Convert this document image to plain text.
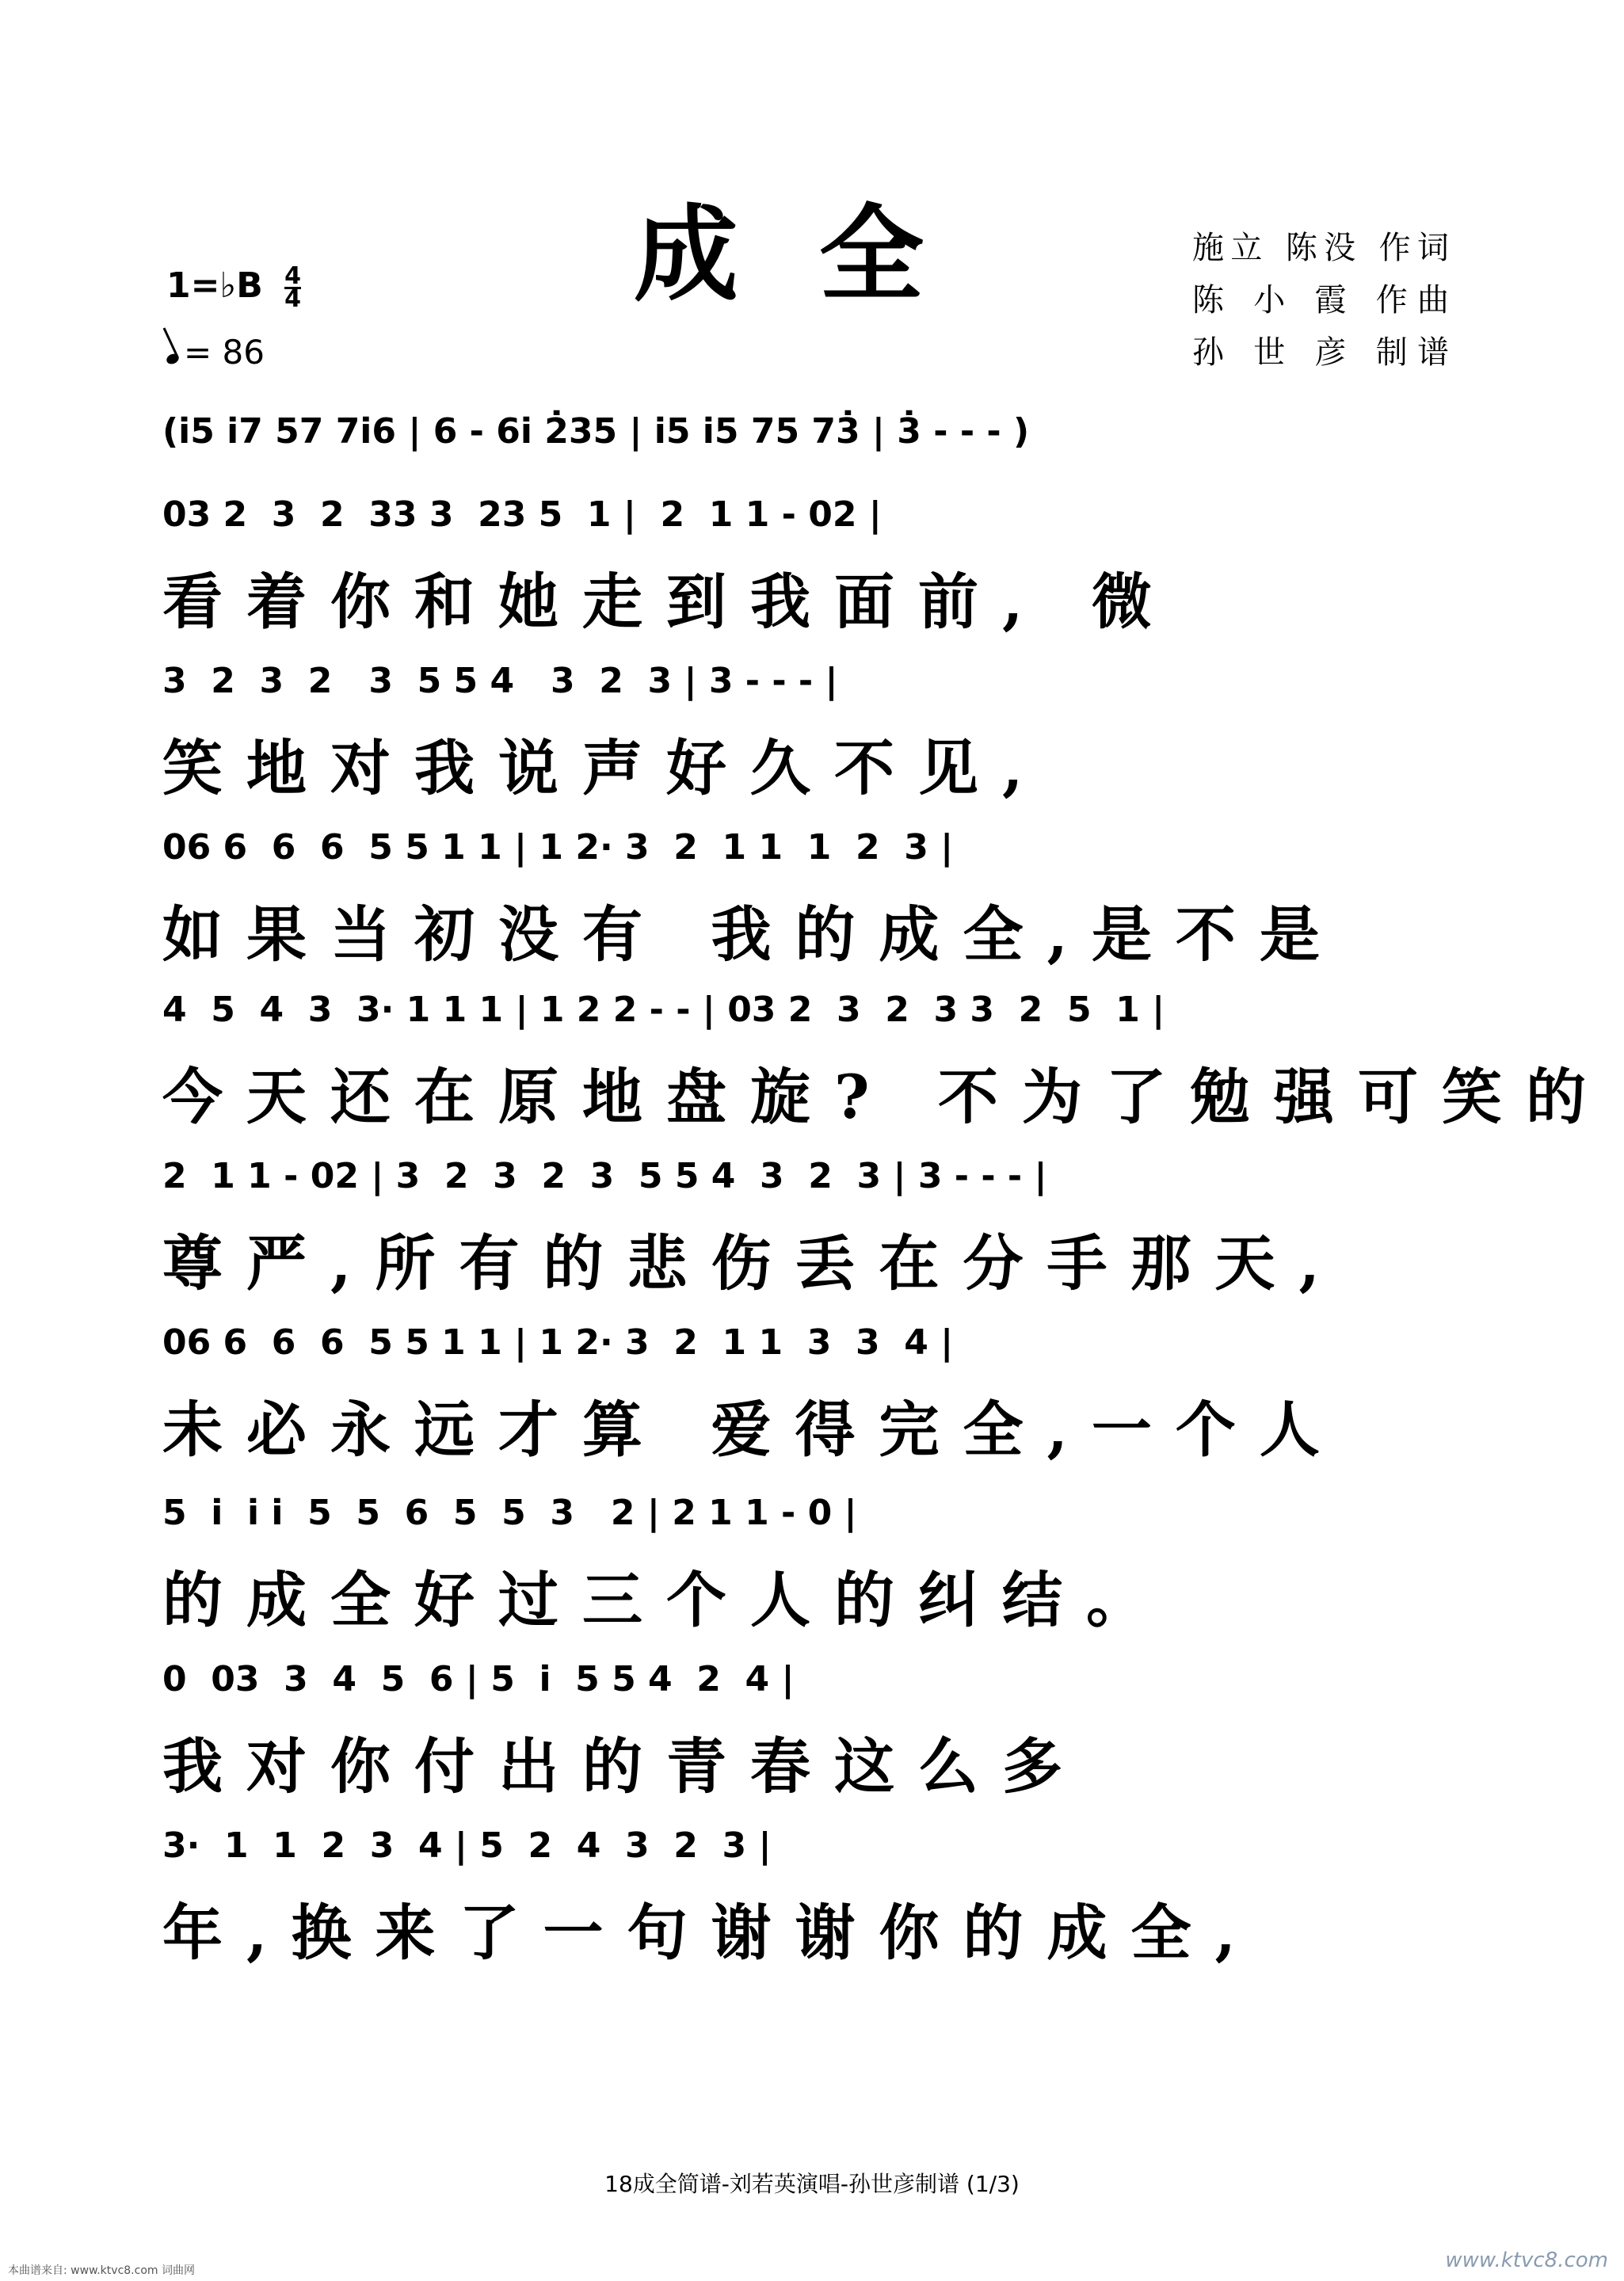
成 全	施立 陈没 作词
陈 小 霞 作曲
孙 世 彦 制谱
1=♭B $\frac{4}{4}$
= 86
(i̇5 i̇7 57 7i̇6 | 6 - 6i̇ 2̇35 | i̇5 i̇5 75 73̇ | 3̇ - - - )
03 2  3  2  33 3  23 5  1 |  2  1 1 - 02 |
看着你和她走到我面前, 微
3  2  3  2   3  5 5 4   3  2  3 | 3 - - - |
笑地对我说声好久不见,
06 6  6  6  5 5 1 1 | 1 2· 3  2  1 1  1  2  3 |
如果当初没有 我的成全,是不是
4  5  4  3  3· 1 1 1 | 1 2 2 - - | 03 2  3  2  3 3  2  5  1 |
今天还在原地盘旋? 不为了勉强可笑的
2  1 1 - 02 | 3  2  3  2  3  5 5 4  3  2  3 | 3 - - - |
尊严,所有的悲伤丢在分手那天,
06 6  6  6  5 5 1 1 | 1 2· 3  2  1 1  3  3  4 |
未必永远才算 爱得完全,一个人
5  i̇  i̇ i̇  5  5  6  5  5  3   2 | 2 1 1 - 0 |
的成全好过三个人的纠结。
0  03  3  4  5  6 | 5  i̇  5 5 4  2  4 |
我对你付出的青春这么多
3·  1  1  2  3  4 | 5  2  4  3  2  3 |
年,换来了一句谢谢你的成全,
18成全简谱-刘若英演唱-孙世彦制谱 (1/3)
本曲谱来自: www.ktvc8.com 词曲网	www.ktvc8.com
